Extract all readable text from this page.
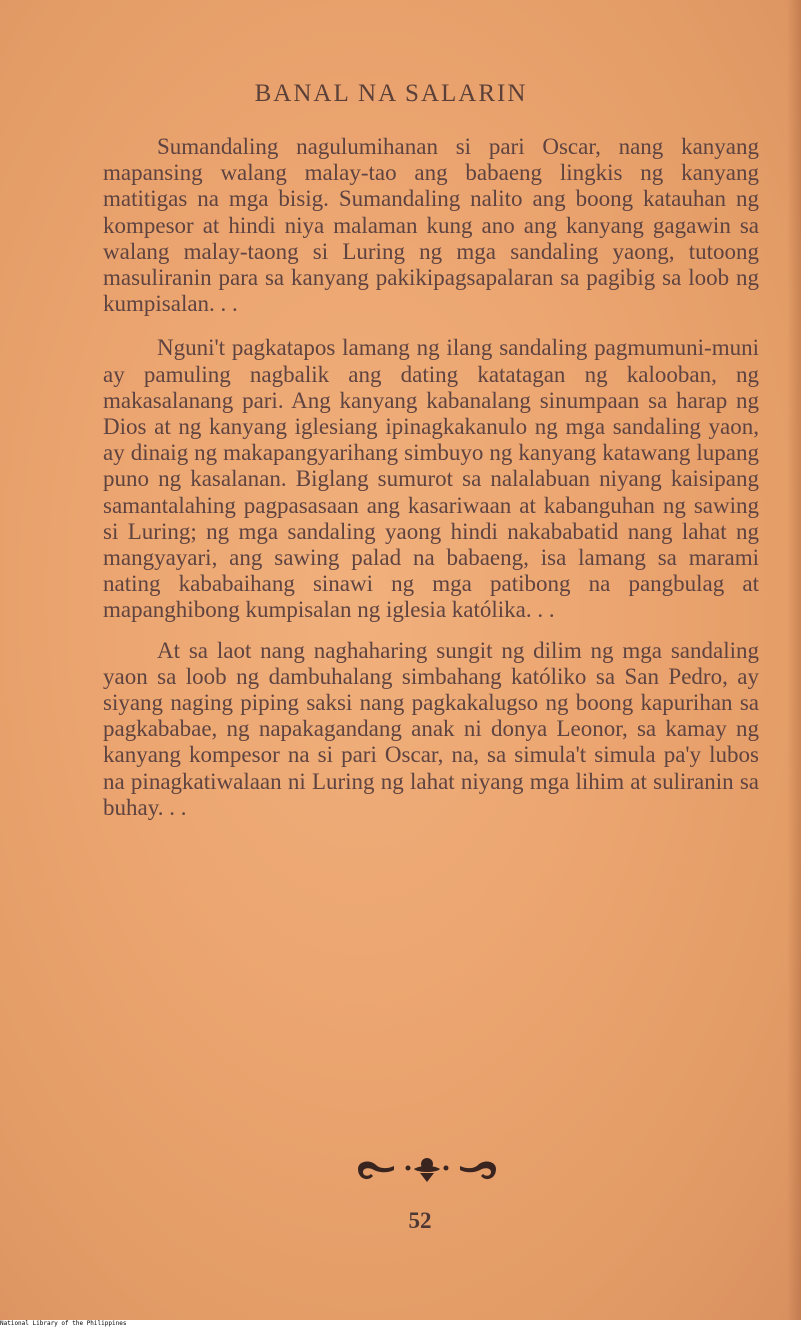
BANAL NA SALARIN

Sumandaling nagulumihanan si pari Oscar, nang kanyang mapansing walang malay-tao ang babaeng lingkis ng kanyang matitigas na mga bisig. Sumandaling nalito ang boong katauhan ng kompesor at hindi niya malaman kung ano ang kanyang gagawin sa walang malay-taong si Luring ng mga sandaling yaong, tutoong masuliranin para sa kanyang pakikipagsapalaran sa pagibig sa loob ng kumpisalan. . .

Nguni't pagkatapos lamang ng ilang sandaling pagmumuni-muni ay pamuling nagbalik ang dating katatagan ng kalooban, ng makasalanang pari. Ang kanyang kabanalang sinumpaan sa harap ng Dios at ng kanyang iglesiang ipinagkakanulo ng mga sandaling yaon, ay dinaig ng makapangyarihang simbuyo ng kanyang katawang lupang puno ng kasalanan. Biglang sumurot sa nalalabuan niyang kaisipang samantalahing pagpasasaan ang kasariwaan at kabanguhan ng sawing si Luring; ng mga sandaling yaong hindi nakababatid nang lahat ng mangyayari, ang sawing palad na babaeng, isa lamang sa marami nating kababaihang sinawi ng mga patibong na pangbulag at mapanghibong kumpisalan ng iglesia katólika. . .

At sa laot nang naghaharing sungit ng dilim ng mga sandaling yaon sa loob ng dambuhalang simbahang katóliko sa San Pedro, ay siyang naging piping saksi nang pagkakalugso ng boong kapurihan sa pagkababae, ng napakagandang anak ni donya Leonor, sa kamay ng kanyang kompesor na si pari Oscar, na, sa simula't simula pa'y lubos na pinagkatiwalaan ni Luring ng lahat niyang mga lihim at suliranin sa buhay. . .

52
National Library of the Philippines
